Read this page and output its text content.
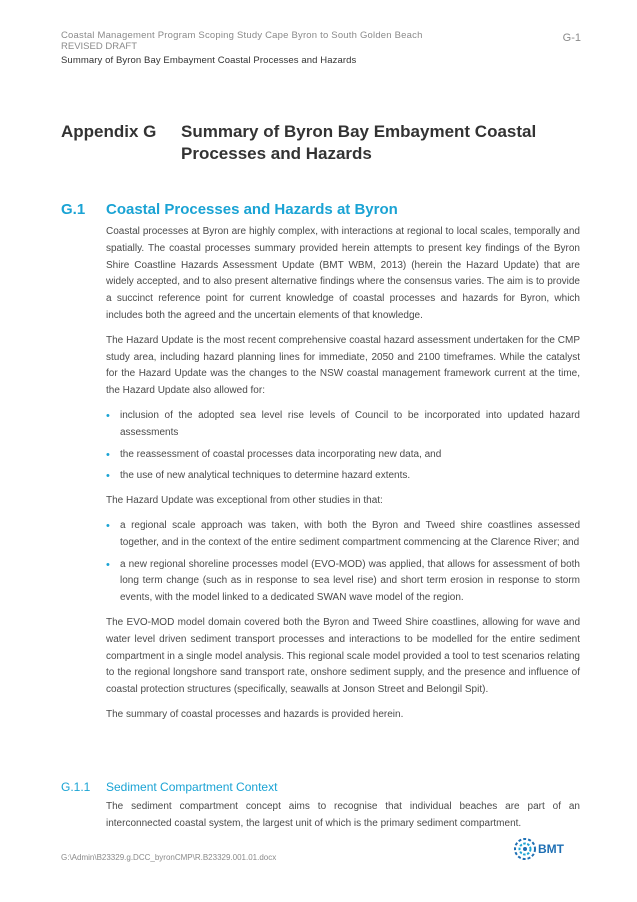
Coastal Management Program Scoping Study Cape Byron to South Golden Beach
REVISED DRAFT
Summary of Byron Bay Embayment Coastal Processes and Hazards
G-1
Appendix G	Summary of Byron Bay Embayment Coastal Processes and Hazards
G.1	Coastal Processes and Hazards at Byron

Coastal processes at Byron are highly complex, with interactions at regional to local scales, temporally and spatially. The coastal processes summary provided herein attempts to present key findings of the Byron Shire Coastline Hazards Assessment Update (BMT WBM, 2013) (herein the Hazard Update) that are widely accepted, and to also present alternative findings where the consensus varies. The aim is to provide a succinct reference point for current knowledge of coastal processes and hazards for Byron, which includes both the agreed and the uncertain elements of that knowledge.

The Hazard Update is the most recent comprehensive coastal hazard assessment undertaken for the CMP study area, including hazard planning lines for immediate, 2050 and 2100 timeframes. While the catalyst for the Hazard Update was the changes to the NSW coastal management framework current at the time, the Hazard Update also allowed for:

• inclusion of the adopted sea level rise levels of Council to be incorporated into updated hazard assessments
• the reassessment of coastal processes data incorporating new data, and
• the use of new analytical techniques to determine hazard extents.

The Hazard Update was exceptional from other studies in that:

• a regional scale approach was taken, with both the Byron and Tweed shire coastlines assessed together, and in the context of the entire sediment compartment commencing at the Clarence River; and
• a new regional shoreline processes model (EVO-MOD) was applied, that allows for assessment of both long term change (such as in response to sea level rise) and short term erosion in response to storm events, with the model linked to a dedicated SWAN wave model of the region.

The EVO-MOD model domain covered both the Byron and Tweed Shire coastlines, allowing for wave and water level driven sediment transport processes and interactions to be modelled for the entire sediment compartment in a single model analysis. This regional scale model provided a tool to test scenarios relating to the regional longshore sand transport rate, onshore sediment supply, and the presence and influence of coastal protection structures (specifically, seawalls at Jonson Street and Belongil Spit).

The summary of coastal processes and hazards is provided herein.

G.1.1	Sediment Compartment Context

The sediment compartment concept aims to recognise that individual beaches are part of an interconnected coastal system, the largest unit of which is the primary sediment compartment.

G:\Admin\B23329.g.DCC_byronCMP\R.B23329.001.01.docx
BMT
